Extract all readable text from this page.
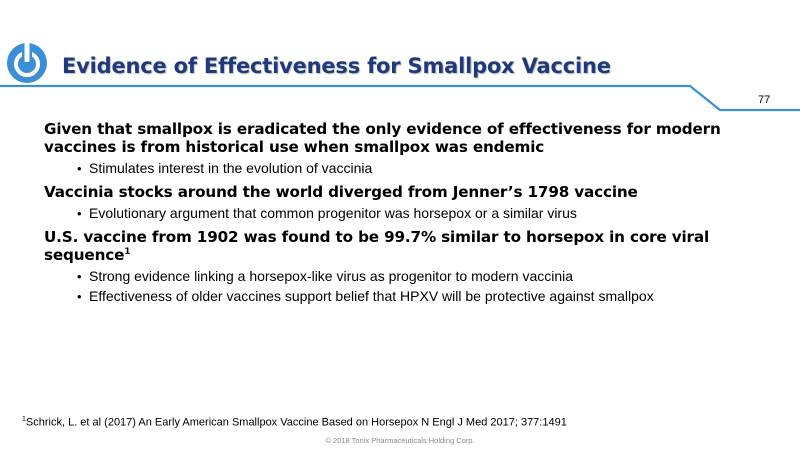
Evidence of Effectiveness for Smallpox Vaccine
77
Given that smallpox is eradicated the only evidence of effectiveness for modern vaccines is from historical use when smallpox was endemic
• Stimulates interest in the evolution of vaccinia
Vaccinia stocks around the world diverged from Jenner’s 1798 vaccine
• Evolutionary argument that common progenitor was horsepox or a similar virus
U.S. vaccine from 1902 was found to be 99.7% similar to horsepox in core viral sequence$^1$
• Strong evidence linking a horsepox-like virus as progenitor to modern vaccinia
• Effectiveness of older vaccines support belief that HPXV will be protective against smallpox
$^1$Schrick, L. et al (2017) An Early American Smallpox Vaccine Based on Horsepox N Engl J Med 2017; 377:1491
© 2018 Tonix Pharmaceuticals Holding Corp.
